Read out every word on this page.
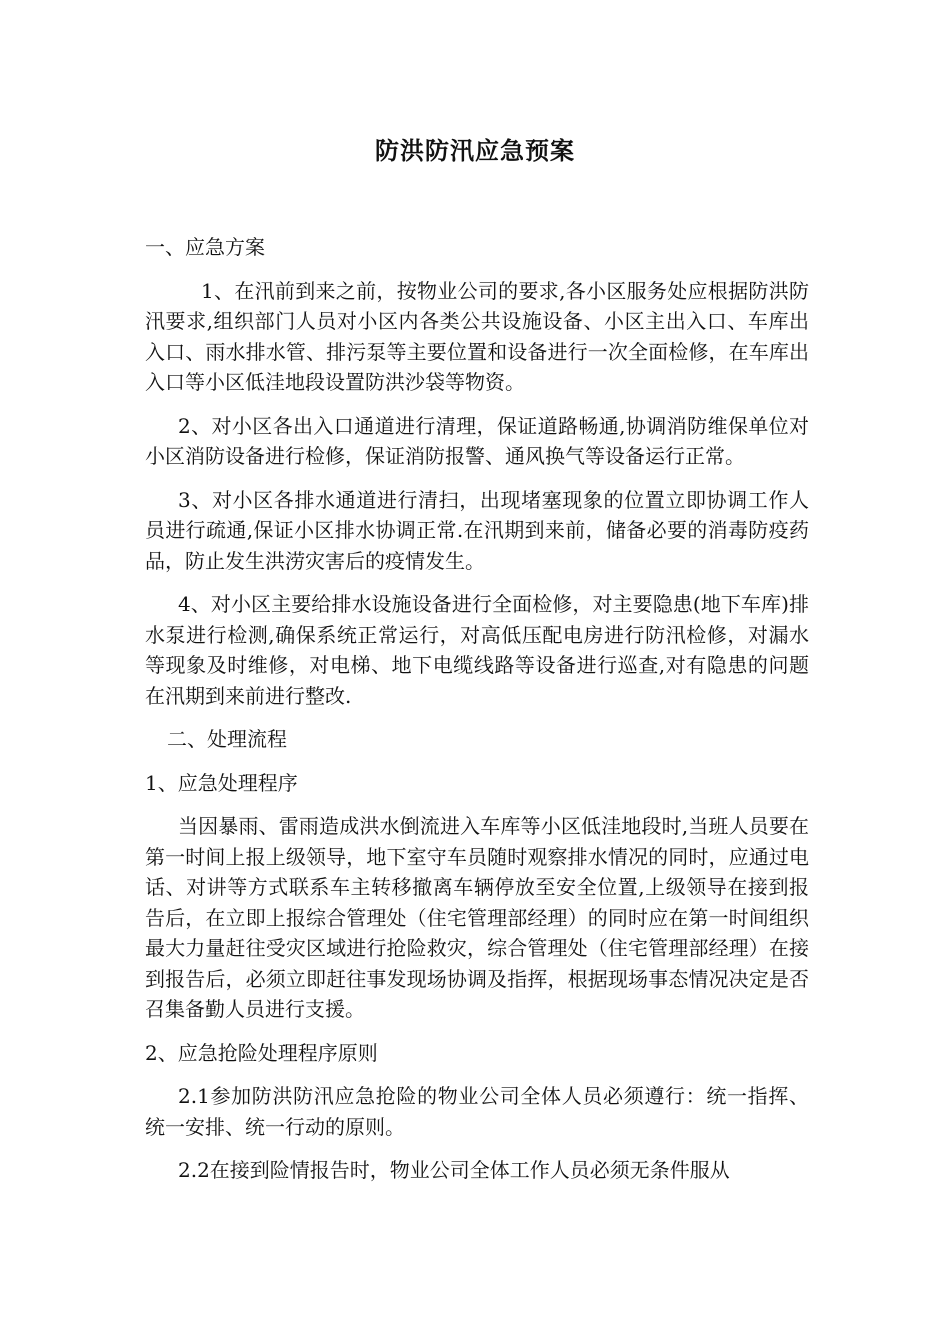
防洪防汛应急预案

一、应急方案

1、在汛前到来之前，按物业公司的要求,各小区服务处应根据防洪防汛要求,组织部门人员对小区内各类公共设施设备、小区主出入口、车库出入口、雨水排水管、排污泵等主要位置和设备进行一次全面检修，在车库出入口等小区低洼地段设置防洪沙袋等物资。

2、对小区各出入口通道进行清理，保证道路畅通,协调消防维保单位对小区消防设备进行检修，保证消防报警、通风换气等设备运行正常。

3、对小区各排水通道进行清扫，出现堵塞现象的位置立即协调工作人员进行疏通,保证小区排水协调正常.在汛期到来前，储备必要的消毒防疫药品，防止发生洪涝灾害后的疫情发生。

4、对小区主要给排水设施设备进行全面检修，对主要隐患(地下车库)排水泵进行检测,确保系统正常运行，对高低压配电房进行防汛检修，对漏水等现象及时维修，对电梯、地下电缆线路等设备进行巡查,对有隐患的问题在汛期到来前进行整改.

二、处理流程

1、应急处理程序

当因暴雨、雷雨造成洪水倒流进入车库等小区低洼地段时,当班人员要在第一时间上报上级领导，地下室守车员随时观察排水情况的同时，应通过电话、对讲等方式联系车主转移撤离车辆停放至安全位置,上级领导在接到报告后，在立即上报综合管理处（住宅管理部经理）的同时应在第一时间组织最大力量赶往受灾区域进行抢险救灾，综合管理处（住宅管理部经理）在接到报告后，必须立即赶往事发现场协调及指挥，根据现场事态情况决定是否召集备勤人员进行支援。

2、应急抢险处理程序原则

2.1参加防洪防汛应急抢险的物业公司全体人员必须遵行：统一指挥、统一安排、统一行动的原则。

2.2在接到险情报告时，物业公司全体工作人员必须无条件服从
